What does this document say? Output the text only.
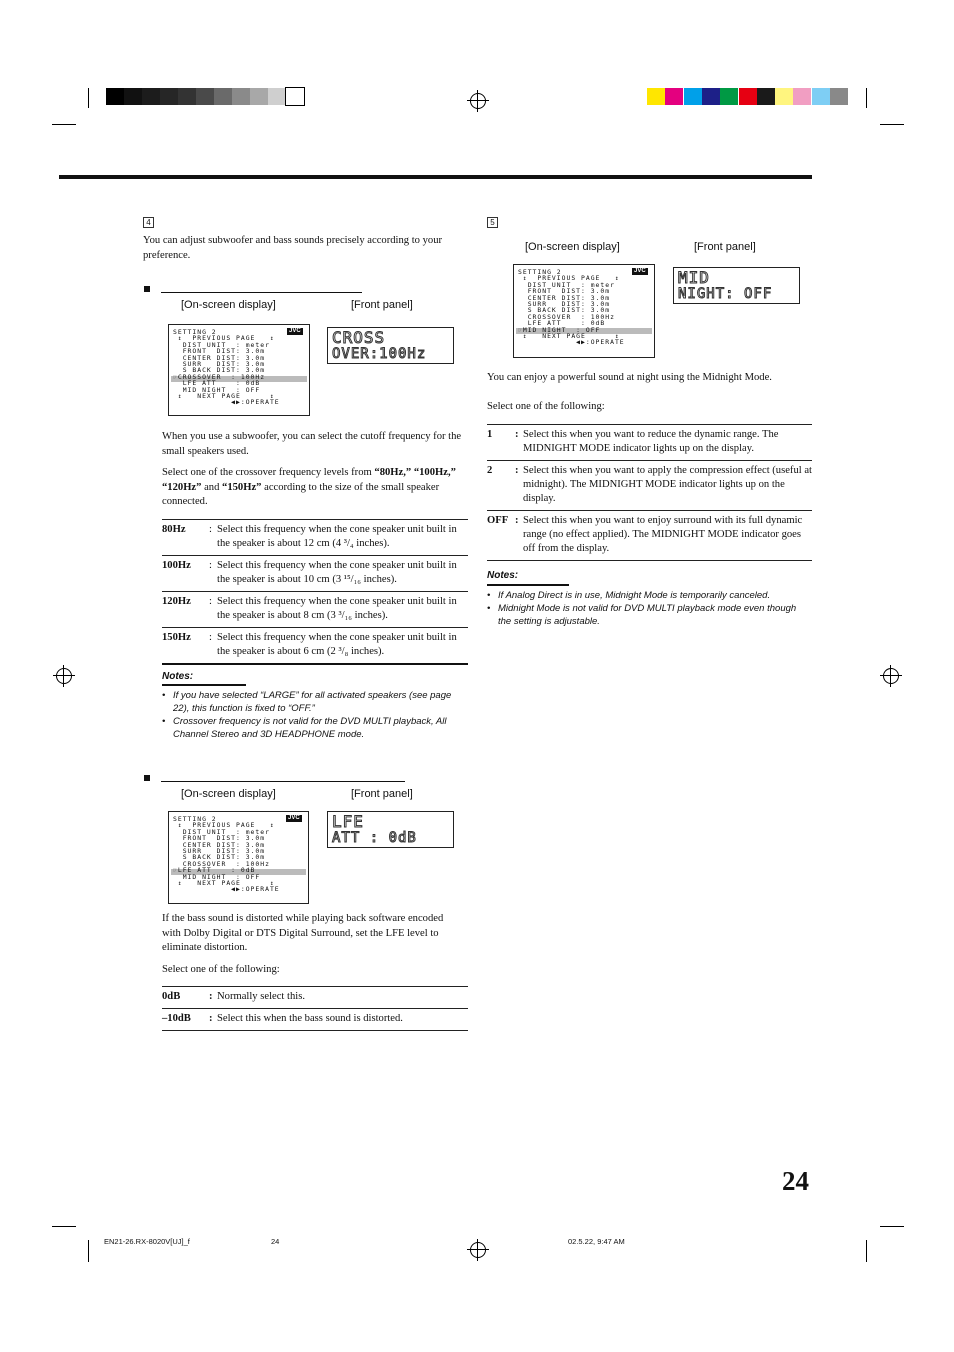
4
You can adjust subwoofer and bass sounds precisely according to your preference.
[On-screen display]	[Front panel]
JVC
SETTING 2
↕  PREVIOUS PAGE   ↕
DIST UNIT  : meter
FRONT  DIST: 3.0m
CENTER DIST: 3.0m
SURR   DIST: 3.0m
S BACK DIST: 3.0m
☞CROSSOVER  : 100Hz
LFE ATT    : 0dB
MID NIGHT  : OFF
↕   NEXT PAGE      ↕
◀▶:OPERATE
CROSS
OVER:100Hz
When you use a subwoofer, you can select the cutoff frequency for the small speakers used.
Select one of the crossover frequency levels from “80Hz,” “100Hz,” “120Hz” and “150Hz” according to the size of the small speaker connected.
80Hz	:	Select this frequency when the cone speaker unit built in the speaker is about 12 cm (4 ³/₄ inches).
100Hz	:	Select this frequency when the cone speaker unit built in the speaker is about 10 cm (3 ¹⁵/₁₆ inches).
120Hz	:	Select this frequency when the cone speaker unit built in the speaker is about 8 cm (3 ³/₁₆ inches).
150Hz	:	Select this frequency when the cone speaker unit built in the speaker is about 6 cm (2 ³/₈ inches).
Notes:
• If you have selected “LARGE” for all activated speakers (see page 22), this function is fixed to “OFF.”
• Crossover frequency is not valid for the DVD MULTI playback, All Channel Stereo and 3D HEADPHONE mode.
[On-screen display]	[Front panel]
JVC
SETTING 2
↕  PREVIOUS PAGE   ↕
DIST UNIT  : meter
FRONT  DIST: 3.0m
CENTER DIST: 3.0m
SURR   DIST: 3.0m
S BACK DIST: 3.0m
CROSSOVER  : 100Hz
☞LFE ATT    : 0dB
MID NIGHT  : OFF
↕   NEXT PAGE      ↕
◀▶:OPERATE
LFE
ATT : 0dB
If the bass sound is distorted while playing back software encoded with Dolby Digital or DTS Digital Surround, set the LFE level to eliminate distortion.
Select one of the following:
0dB	:	Normally select this.
–10dB	:	Select this when the bass sound is distorted.
5
[On-screen display]	[Front panel]
JVC
SETTING 2
↕  PREVIOUS PAGE   ↕
DIST UNIT  : meter
FRONT  DIST: 3.0m
CENTER DIST: 3.0m
SURR   DIST: 3.0m
S BACK DIST: 3.0m
CROSSOVER  : 100Hz
LFE ATT    : 0dB
☞MID NIGHT  : OFF
↕   NEXT PAGE      ↕
◀▶:OPERATE
MID
NIGHT: OFF
You can enjoy a powerful sound at night using the Midnight Mode.
Select one of the following:
1	:	Select this when you want to reduce the dynamic range. The MIDNIGHT MODE indicator lights up on the display.
2	:	Select this when you want to apply the compression effect (useful at midnight). The MIDNIGHT MODE indicator lights up on the display.
OFF	:	Select this when you want to enjoy surround with its full dynamic range (no effect applied). The MIDNIGHT MODE indicator goes off from the display.
Notes:
• If Analog Direct is in use, Midnight Mode is temporarily canceled.
• Midnight Mode is not valid for DVD MULTI playback mode even though the setting is adjustable.
24
EN21-26.RX-8020V[UJ]_f	24	02.5.22, 9:47 AM
